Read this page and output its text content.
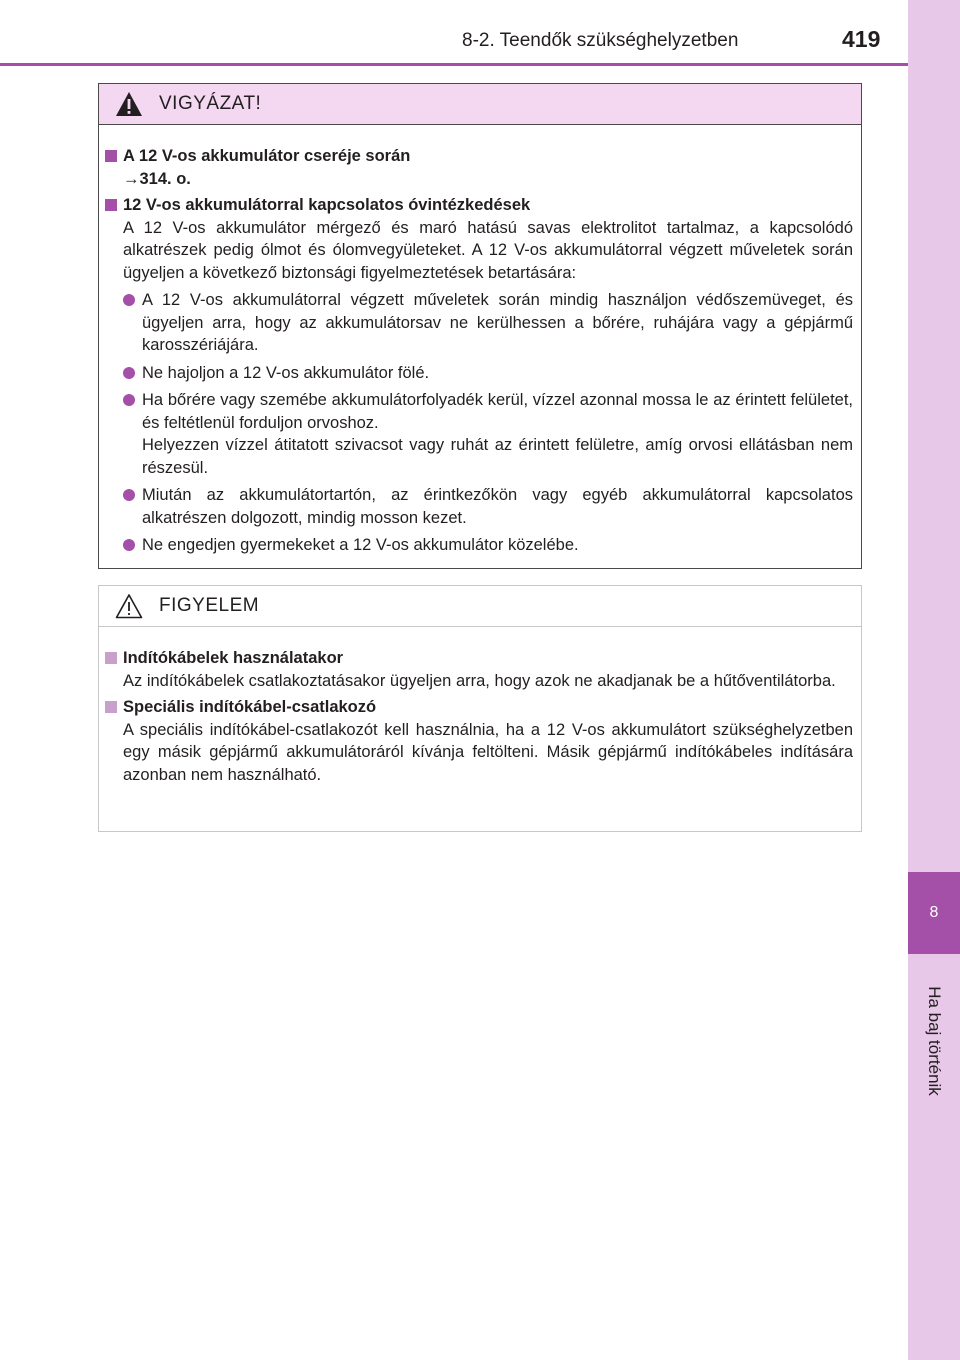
8
Ha baj történik
8-2. Teendők szükséghelyzetben	419
VIGYÁZAT!
A 12 V-os akkumulátor cseréje során
→314. o.
12 V-os akkumulátorral kapcsolatos óvintézkedések
A 12 V-os akkumulátor mérgező és maró hatású savas elektrolitot tartalmaz, a kapcsolódó alkatrészek pedig ólmot és ólomvegyületeket. A 12 V-os akkumulátorral végzett műveletek során ügyeljen a következő biztonsági figyelmeztetések betartására:
A 12 V-os akkumulátorral végzett műveletek során mindig használjon védőszemüveget, és ügyeljen arra, hogy az akkumulátorsav ne kerülhessen a bőrére, ruhájára vagy a gépjármű karosszériájára.
Ne hajoljon a 12 V-os akkumulátor fölé.
Ha bőrére vagy szemébe akkumulátorfolyadék kerül, vízzel azonnal mossa le az érintett felületet, és feltétlenül forduljon orvoshoz.
Helyezzen vízzel átitatott szivacsot vagy ruhát az érintett felületre, amíg orvosi ellátásban nem részesül.
Miután az akkumulátortartón, az érintkezőkön vagy egyéb akkumulátorral kapcsolatos alkatrészen dolgozott, mindig mosson kezet.
Ne engedjen gyermekeket a 12 V-os akkumulátor közelébe.
FIGYELEM
Indítókábelek használatakor
Az indítókábelek csatlakoztatásakor ügyeljen arra, hogy azok ne akadjanak be a hűtőventilátorba.
Speciális indítókábel-csatlakozó
A speciális indítókábel-csatlakozót kell használnia, ha a 12 V-os akkumulátort szükséghelyzetben egy másik gépjármű akkumulátoráról kívánja feltölteni. Másik gépjármű indítókábeles indítására azonban nem használható.
